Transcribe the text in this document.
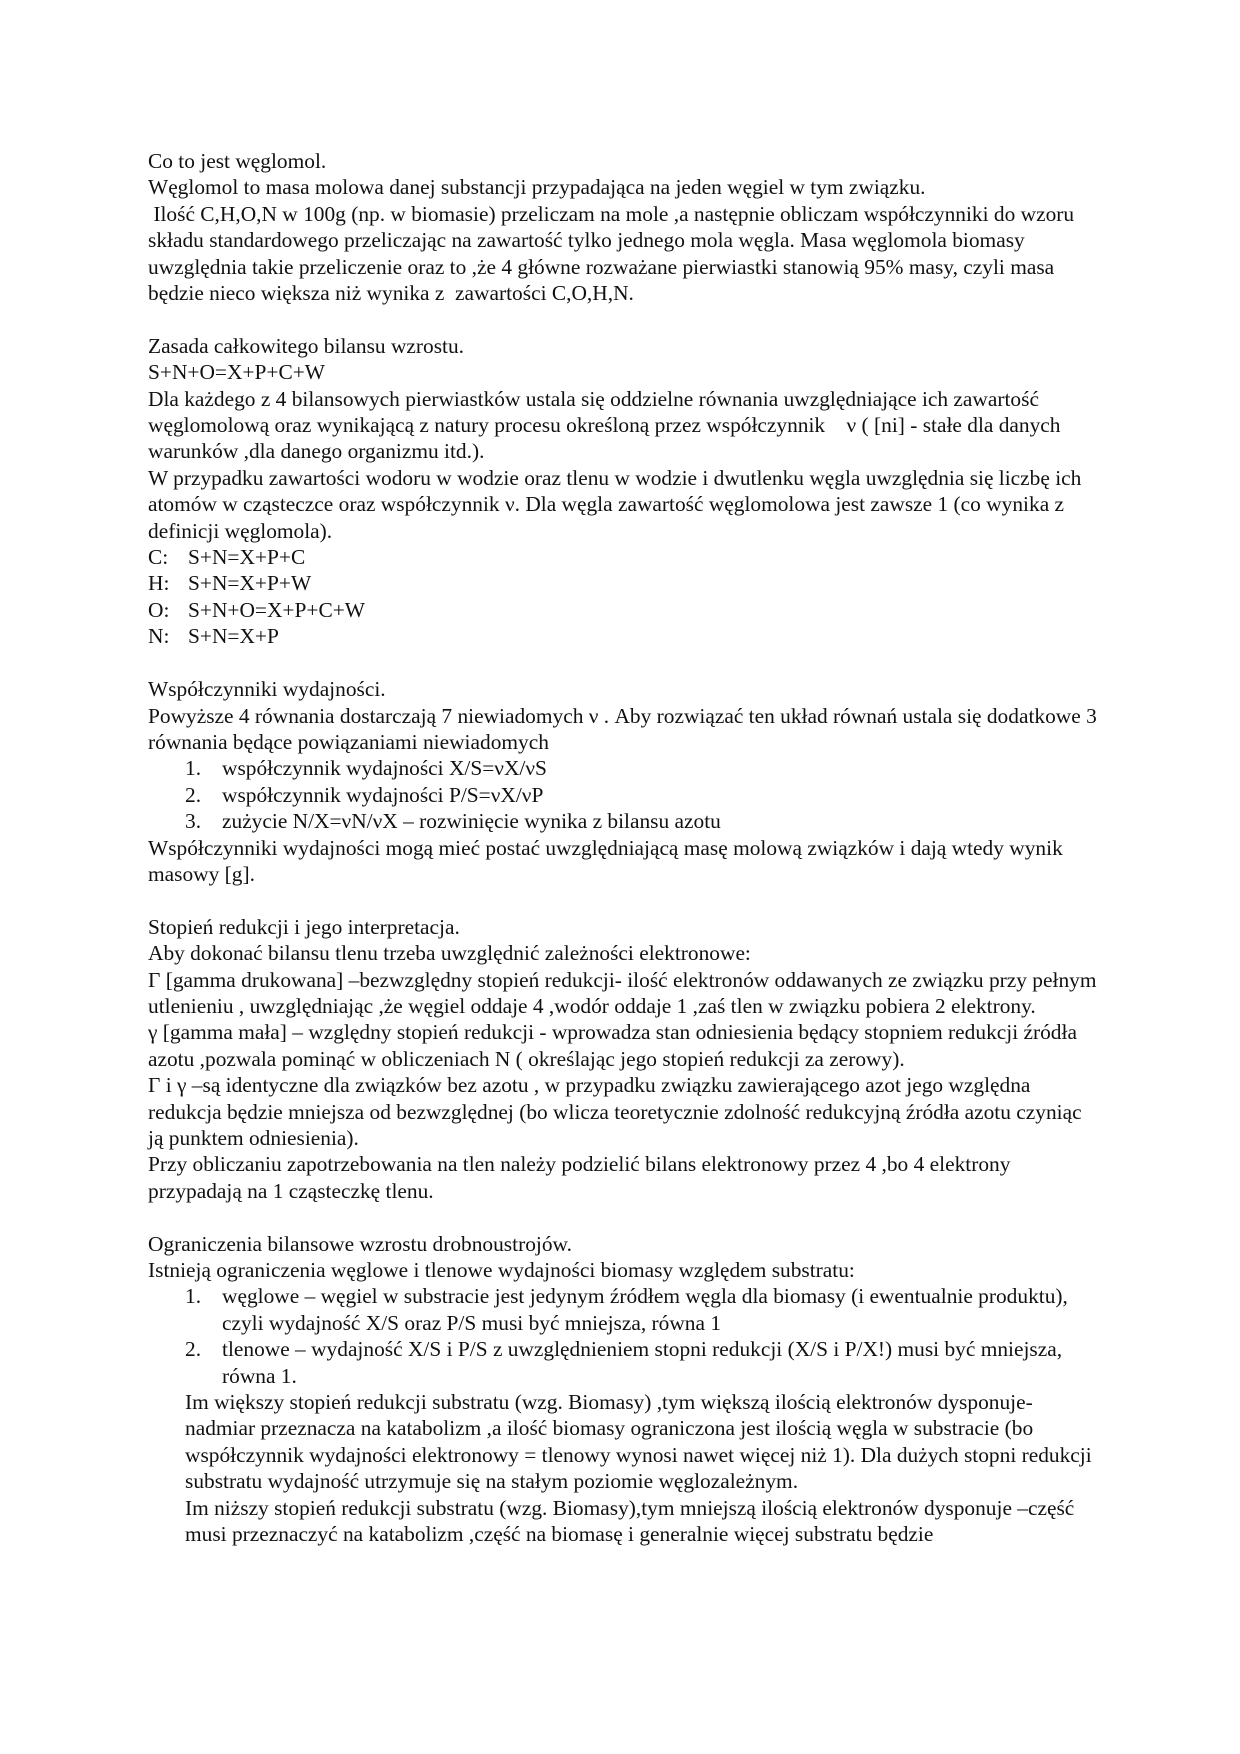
Co to jest węglomol.

Węglomol to masa molowa danej substancji przypadająca na jeden węgiel w tym związku.

Ilość C,H,O,N w 100g (np. w biomasie) przeliczam na mole ,a następnie obliczam współczynniki do wzoru składu standardowego przeliczając na zawartość tylko jednego mola węgla. Masa węglomola biomasy uwzględnia takie przeliczenie oraz to ,że 4 główne rozważane pierwiastki stanowią 95% masy, czyli masa będzie nieco większa niż wynika z  zawartości C,O,H,N.

Zasada całkowitego bilansu wzrostu.

S+N+O=X+P+C+W

Dla każdego z 4 bilansowych pierwiastków ustala się oddzielne równania uwzględniające ich zawartość węglomolową oraz wynikającą z natury procesu określoną przez współczynnik    ν ( [ni] - stałe dla danych warunków ,dla danego organizmu itd.).

W przypadku zawartości wodoru w wodzie oraz tlenu w wodzie i dwutlenku węgla uwzględnia się liczbę ich atomów w cząsteczce oraz współczynnik ν. Dla węgla zawartość węglomolowa jest zawsze 1 (co wynika z definicji węglomola).

C: S+N=X+P+C

H: S+N=X+P+W

O: S+N+O=X+P+C+W

N: S+N=X+P

Współczynniki wydajności.

Powyższe 4 równania dostarczają 7 niewiadomych ν . Aby rozwiązać ten układ równań ustala się dodatkowe 3 równania będące powiązaniami niewiadomych

1. współczynnik wydajności X/S=νX/νS
2. współczynnik wydajności P/S=νX/νP
3. zużycie N/X=νN/νX – rozwinięcie wynika z bilansu azotu

Współczynniki wydajności mogą mieć postać uwzględniającą masę molową związków i dają wtedy wynik masowy [g].

Stopień redukcji i jego interpretacja.

Aby dokonać bilansu tlenu trzeba uwzględnić zależności elektronowe:

Γ [gamma drukowana] –bezwzględny stopień redukcji- ilość elektronów oddawanych ze związku przy pełnym utlenieniu , uwzględniając ,że węgiel oddaje 4 ,wodór oddaje 1 ,zaś tlen w związku pobiera 2 elektrony.

γ [gamma mała] – względny stopień redukcji - wprowadza stan odniesienia będący stopniem redukcji źródła azotu ,pozwala pominąć w obliczeniach N ( określając jego stopień redukcji za zerowy).

Γ i γ –są identyczne dla związków bez azotu , w przypadku związku zawierającego azot jego względna redukcja będzie mniejsza od bezwzględnej (bo wlicza teoretycznie zdolność redukcyjną źródła azotu czyniąc ją punktem odniesienia).

Przy obliczaniu zapotrzebowania na tlen należy podzielić bilans elektronowy przez 4 ,bo 4 elektrony przypadają na 1 cząsteczkę tlenu.

Ograniczenia bilansowe wzrostu drobnoustrojów.

Istnieją ograniczenia węglowe i tlenowe wydajności biomasy względem substratu:

1. węglowe – węgiel w substracie jest jedynym źródłem węgla dla biomasy (i ewentualnie produktu), czyli wydajność X/S oraz P/S musi być mniejsza, równa 1
2. tlenowe – wydajność X/S i P/S z uwzględnieniem stopni redukcji (X/S i P/X!) musi być mniejsza, równa 1.

Im większy stopień redukcji substratu (wzg. Biomasy) ,tym większą ilością elektronów dysponuje- nadmiar przeznacza na katabolizm ,a ilość biomasy ograniczona jest ilością węgla w substracie (bo współczynnik wydajności elektronowy = tlenowy wynosi nawet więcej niż 1). Dla dużych stopni redukcji substratu wydajność utrzymuje się na stałym poziomie węglozależnym.

Im niższy stopień redukcji substratu (wzg. Biomasy),tym mniejszą ilością elektronów dysponuje –część musi przeznaczyć na katabolizm ,część na biomasę i generalnie więcej substratu będzie
